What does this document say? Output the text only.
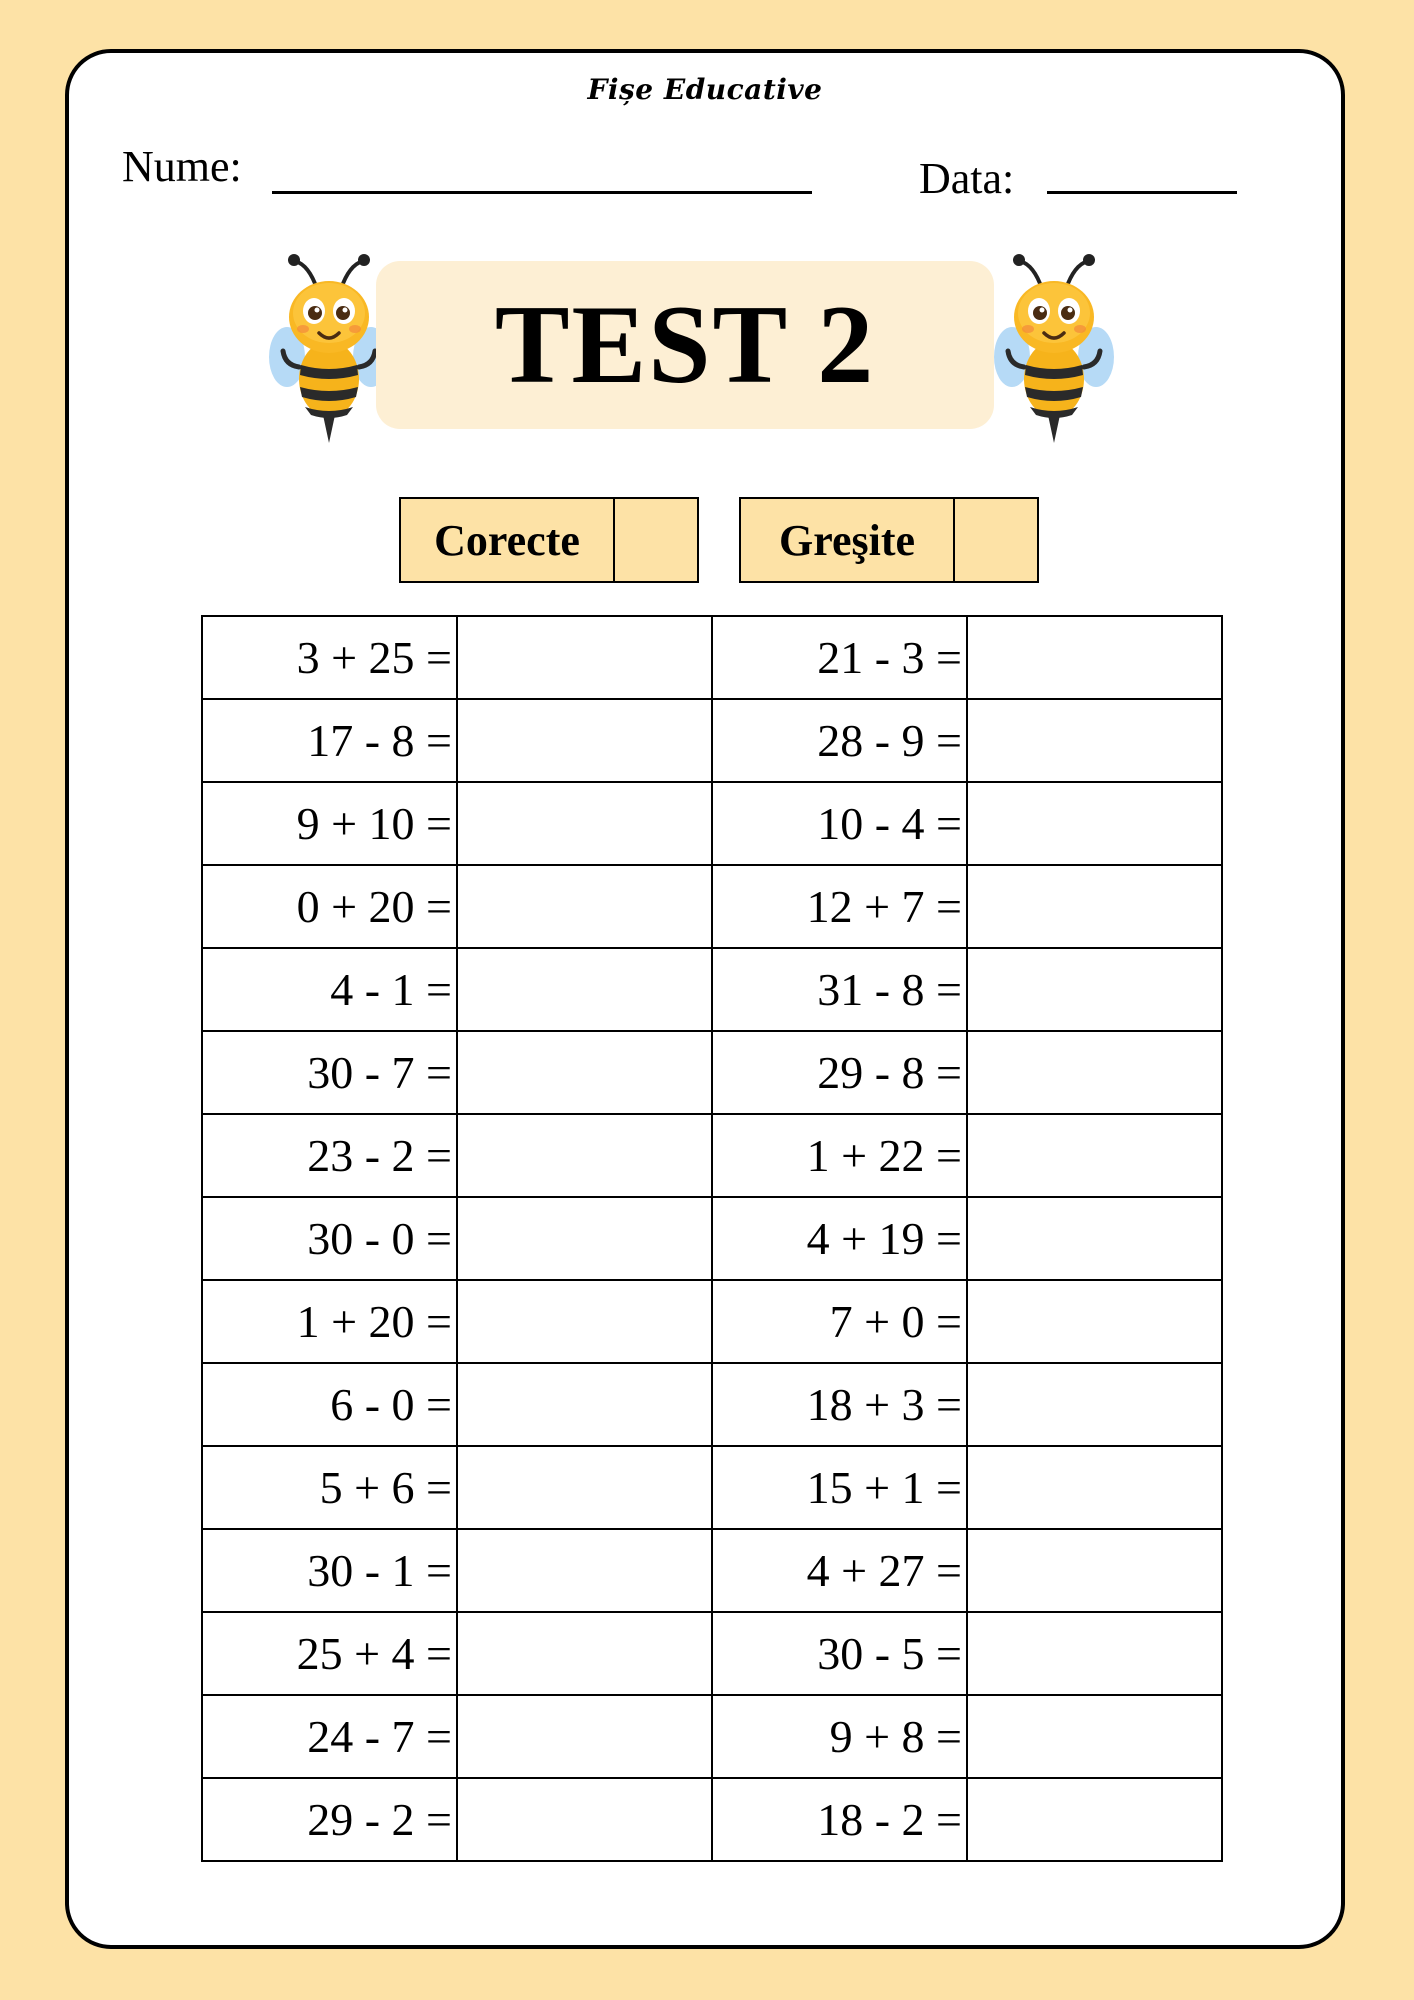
Fișe Educative
Nume:	Data:
TEST 2
Corecte	Greşite
3 + 25 =		21 - 3 =	
17 - 8 =		28 - 9 =	
9 + 10 =		10 - 4 =	
0 + 20 =		12 + 7 =	
4 - 1 =		31 - 8 =	
30 - 7 =		29 - 8 =	
23 - 2 =		1 + 22 =	
30 - 0 =		4 + 19 =	
1 + 20 =		7 + 0 =	
6 - 0 =		18 + 3 =	
5 + 6 =		15 + 1 =	
30 - 1 =		4 + 27 =	
25 + 4 =		30 - 5 =	
24 - 7 =		9 + 8 =	
29 - 2 =		18 - 2 =	
